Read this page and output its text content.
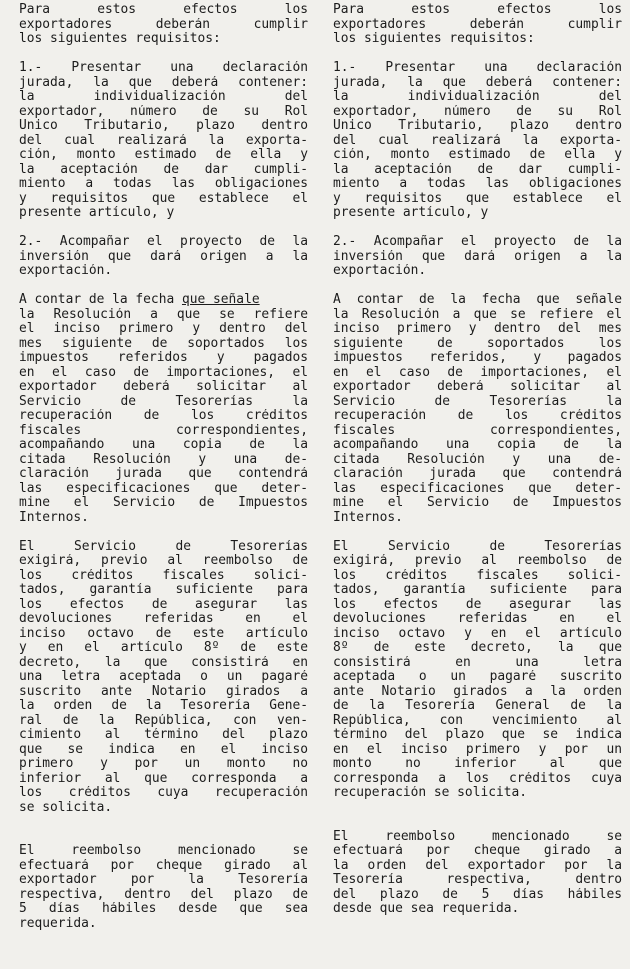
Para estos efectos los
exportadores deberán cumplir
los siguientes requisitos:
1.- Presentar una declaración
jurada, la que deberá contener:
la individualización del
exportador, número de su Rol
Unico Tributario, plazo dentro
del cual realizará la exporta-
ción, monto estimado de ella y
la aceptación de dar cumpli-
miento a todas las obligaciones
y requisitos que establece el
presente artículo, y
2.- Acompañar el proyecto de la
inversión que dará origen a la
exportación.
A contar de la fecha que señale
la Resolución a que se refiere
el inciso primero y dentro del
mes siguiente de soportados los
impuestos referidos y pagados
en el caso de importaciones, el
exportador deberá solicitar al
Servicio de Tesorerías la
recuperación de los créditos
fiscales correspondientes,
acompañando una copia de la
citada Resolución y una de-
claración jurada que contendrá
las especificaciones que deter-
mine el Servicio de Impuestos
Internos.
El Servicio de Tesorerías
exigirá, previo al reembolso de
los créditos fiscales solici-
tados, garantía suficiente para
los efectos de asegurar las
devoluciones referidas en el
inciso octavo de este artículo
y en el artículo 8º de este
decreto, la que consistirá en
una letra aceptada o un pagaré
suscrito ante Notario girados a
la orden de la Tesorería Gene-
ral de la República, con ven-
cimiento al término del plazo
que se indica en el inciso
primero y por un monto no
inferior al que corresponda a
los créditos cuya recuperación
se solicita.
El reembolso mencionado se
efectuará por cheque girado al
exportador por la Tesorería
respectiva, dentro del plazo de
5 días hábiles desde que sea
requerida.
Para estos efectos los
exportadores deberán cumplir
los siguientes requisitos:
1.- Presentar una declaración
jurada, la que deberá contener:
la individualización del
exportador, número de su Rol
Unico Tributario, plazo dentro
del cual realizará la exporta-
ción, monto estimado de ella y
la aceptación de dar cumpli-
miento a todas las obligaciones
y requisitos que establece el
presente artículo, y
2.- Acompañar el proyecto de la
inversión que dará origen a la
exportación.
A contar de la fecha que señale
la Resolución a que se refiere el
inciso primero y dentro del mes
siguiente de soportados los
impuestos referidos, y pagados
en el caso de importaciones, el
exportador deberá solicitar al
Servicio de Tesorerías la
recuperación de los créditos
fiscales correspondientes,
acompañando una copia de la
citada Resolución y una de-
claración jurada que contendrá
las especificaciones que deter-
mine el Servicio de Impuestos
Internos.
El Servicio de Tesorerías
exigirá, previo al reembolso de
los créditos fiscales solici-
tados, garantía suficiente para
los efectos de asegurar las
devoluciones referidas en el
inciso octavo y en el artículo
8º de este decreto, la que
consistirá en una letra
aceptada o un pagaré suscrito
ante Notario girados a la orden
de la Tesorería General de la
República, con vencimiento al
término del plazo que se indica
en el inciso primero y por un
monto no inferior al que
corresponda a los créditos cuya
recuperación se solicita.
El reembolso mencionado se
efectuará por cheque girado a
la orden del exportador por la
Tesorería respectiva, dentro
del plazo de 5 días hábiles
desde que sea requerida.
